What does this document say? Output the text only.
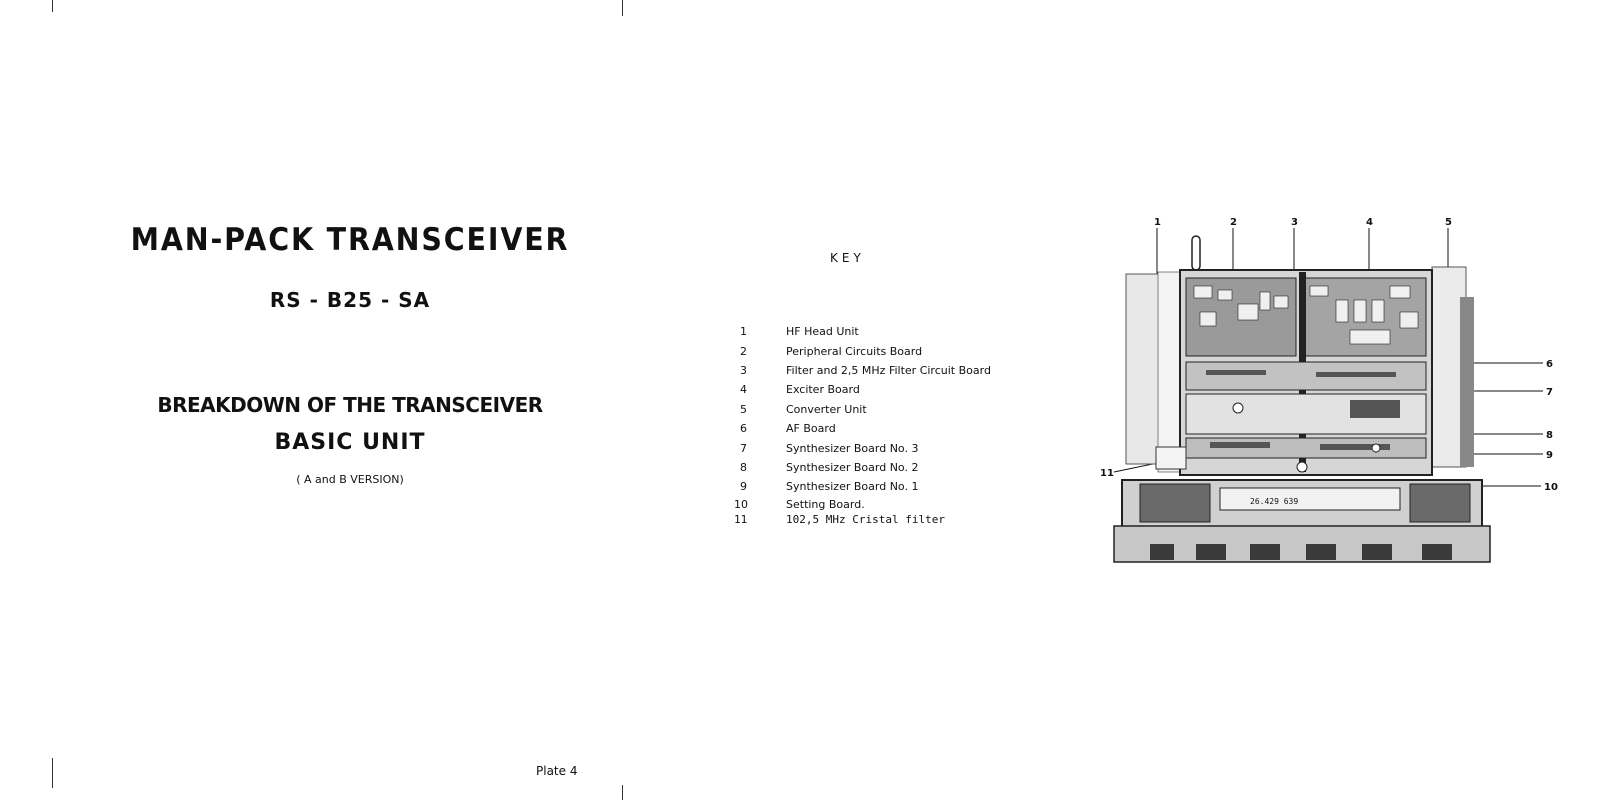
MAN-PACK TRANSCEIVER
RS - B25 - SA
BREAKDOWN OF THE TRANSCEIVER
BASIC UNIT
( A and B VERSION)
Plate 4
KEY
1	HF Head Unit
2	Peripheral Circuits Board
3	Filter and 2,5 MHz Filter Circuit Board
4	Exciter Board
5	Converter Unit
6	AF Board
7	Synthesizer Board No. 3
8	Synthesizer Board No. 2
9	Synthesizer Board No. 1
10	Setting Board.
11	102,5 MHz Cristal filter
1	2	3	4	5
6
7
8
9
10
11
26.429 639
